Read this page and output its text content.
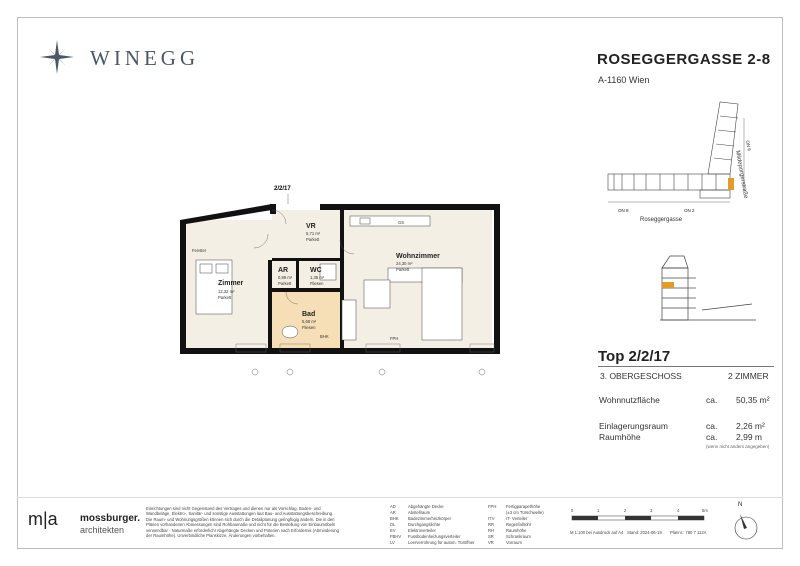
WINEGG	ROSEGGERGASSE 2-8
A-1160 Wien
Roseggergasse
Mildeporgerstraße
ON 8	ON 2
ON 6
FPH
BHK
GS
Fenster
Zimmer
12,32 m²
Parkett
VR
5,71 m²
Parkett
AR
0,99 m²
Parkett
WC
1,35 m²
Fliesen
Bad
5,68 m²
Fliesen
Wohnzimmer
24,30 m²
Parkett
2/2/17
Top 2/2/17
3. OBERGESCHOSS	2 ZIMMER
Wohnnutzfläche	ca. 50,35 m²
Einlagerungsraum	ca. 2,26 m²
Raumhöhe	ca. 2,99 m
(wenn nicht anders angegeben)
m|a mossburger.
architekten
Einrichtungen sind nicht Gegenstand des Vertrages und dienen nur als Vorschlag. Boden- und
Wandbeläge, Elektro-, Sanitär- und sonstige Ausstattungen laut Bau- und Ausstattungsbeschreibung.
Die Raum- und Wohnungsgrößen können sich durch die Detailplanung geringfügig ändern. Die in den
Plänen vorhandenen Abmessungen sind Rohbaumaße und nicht für die Bestellung von Einbaumöbeln
verwendbar - Naturmaße erforderlich! Abgehängte Decken und Poterien nach Erfordernis (Abminderung
der Raumhöhe). Unverbindliche Planskizze, Änderungen vorbehalten.
AD	Abgehängte Decke
AR	Abstellraum
BHK Badezimmerheizkörper
DL	Durchgangslichte
EV	Elektroverteiler
FBHV Fussbodenheizungsverteiler
LV	Leerverrohrung für autom. Türöffner
FPH Fertigparapethöhe
(±3 cm Türschwelle)
ITV	IT- Verteiler
RR	Regenfallrohr
RH	Raumhöhe
SR	Schrankraum
VR	Vorraum
0	1	2	3	4	5m
M 1:100 bei Ausdruck auf A4 Stand: 2024-06-19 Plannr.: 780 7 112A
N
